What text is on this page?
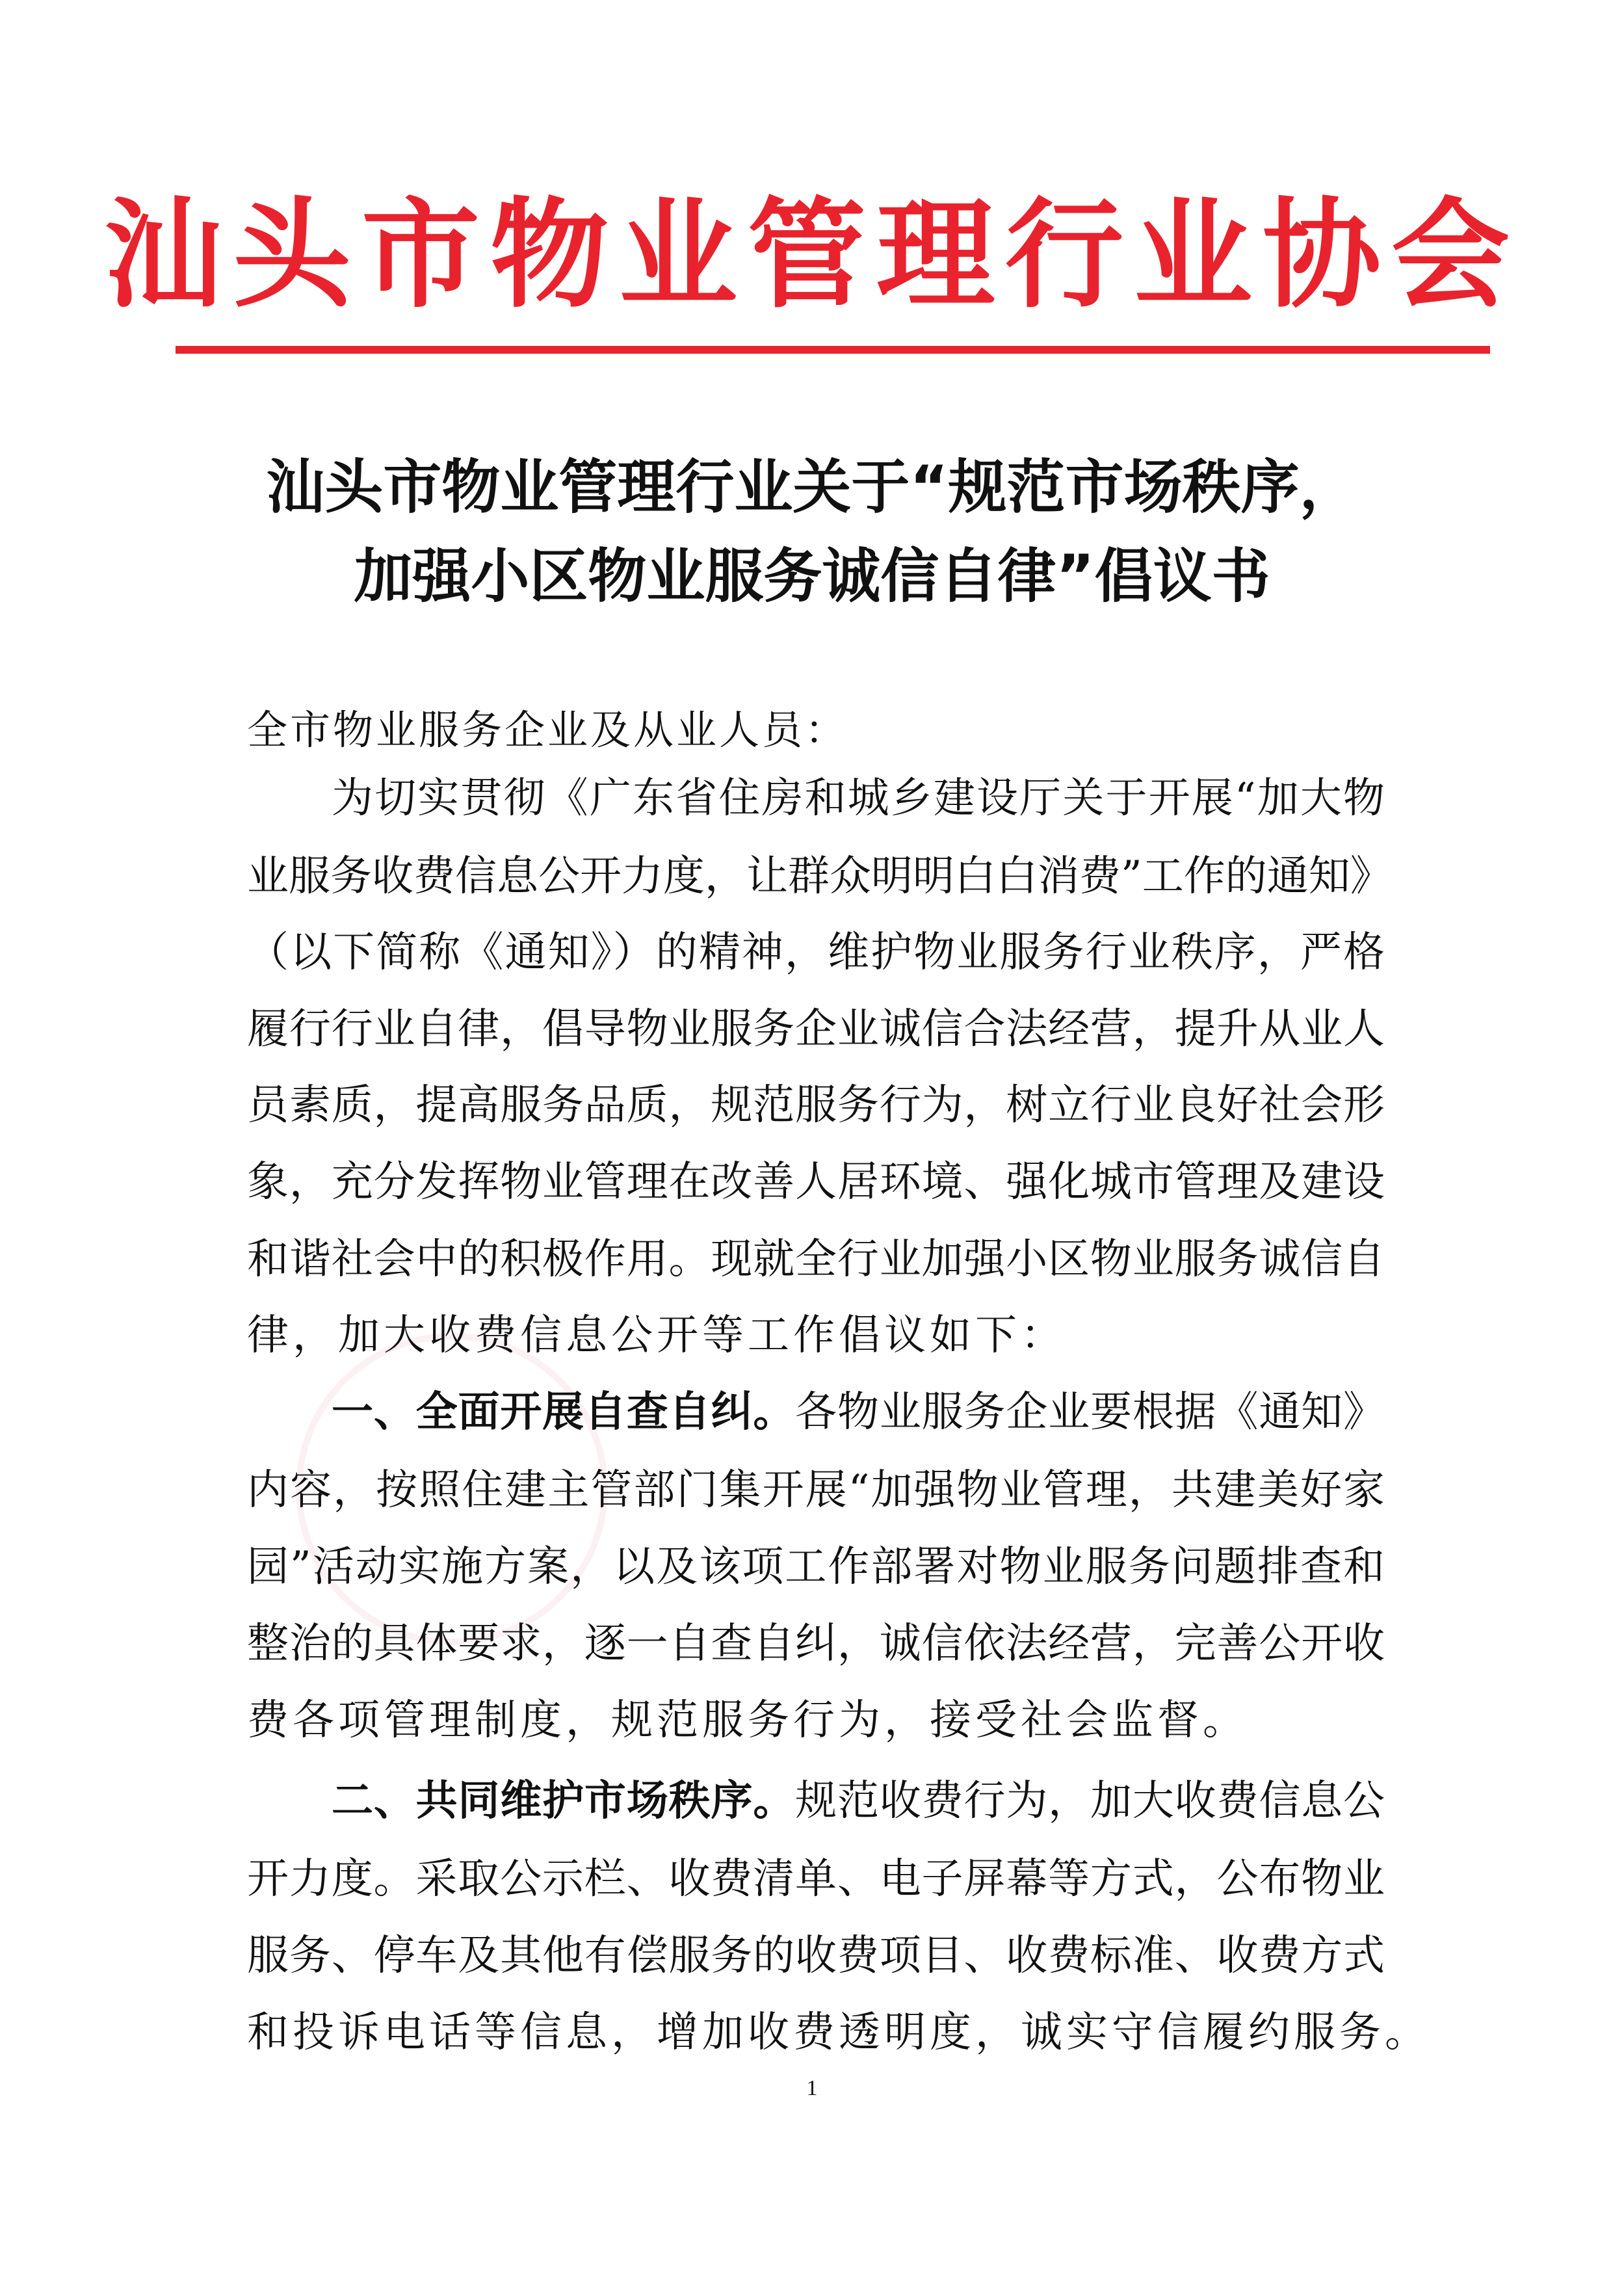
汕头市物业管理行业协会
汕头市物业管理行业关于“规范市场秩序，
加强小区物业服务诚信自律”倡议书
全市物业服务企业及从业人员：
为切实贯彻《广东省住房和城乡建设厅关于开展“加大物
业服务收费信息公开力度，让群众明明白白消费”工作的通知》
（以下简称《通知》）的精神，维护物业服务行业秩序，严格
履行行业自律，倡导物业服务企业诚信合法经营，提升从业人
员素质，提高服务品质，规范服务行为，树立行业良好社会形
象，充分发挥物业管理在改善人居环境、强化城市管理及建设
和谐社会中的积极作用。现就全行业加强小区物业服务诚信自
律，加大收费信息公开等工作倡议如下：
一、全面开展自查自纠。各物业服务企业要根据《通知》
内容，按照住建主管部门集开展“加强物业管理，共建美好家
园”活动实施方案，以及该项工作部署对物业服务问题排查和
整治的具体要求，逐一自查自纠，诚信依法经营，完善公开收
费各项管理制度，规范服务行为，接受社会监督。
二、共同维护市场秩序。规范收费行为，加大收费信息公
开力度。采取公示栏、收费清单、电子屏幕等方式，公布物业
服务、停车及其他有偿服务的收费项目、收费标准、收费方式
和投诉电话等信息，增加收费透明度，诚实守信履约服务。
1
